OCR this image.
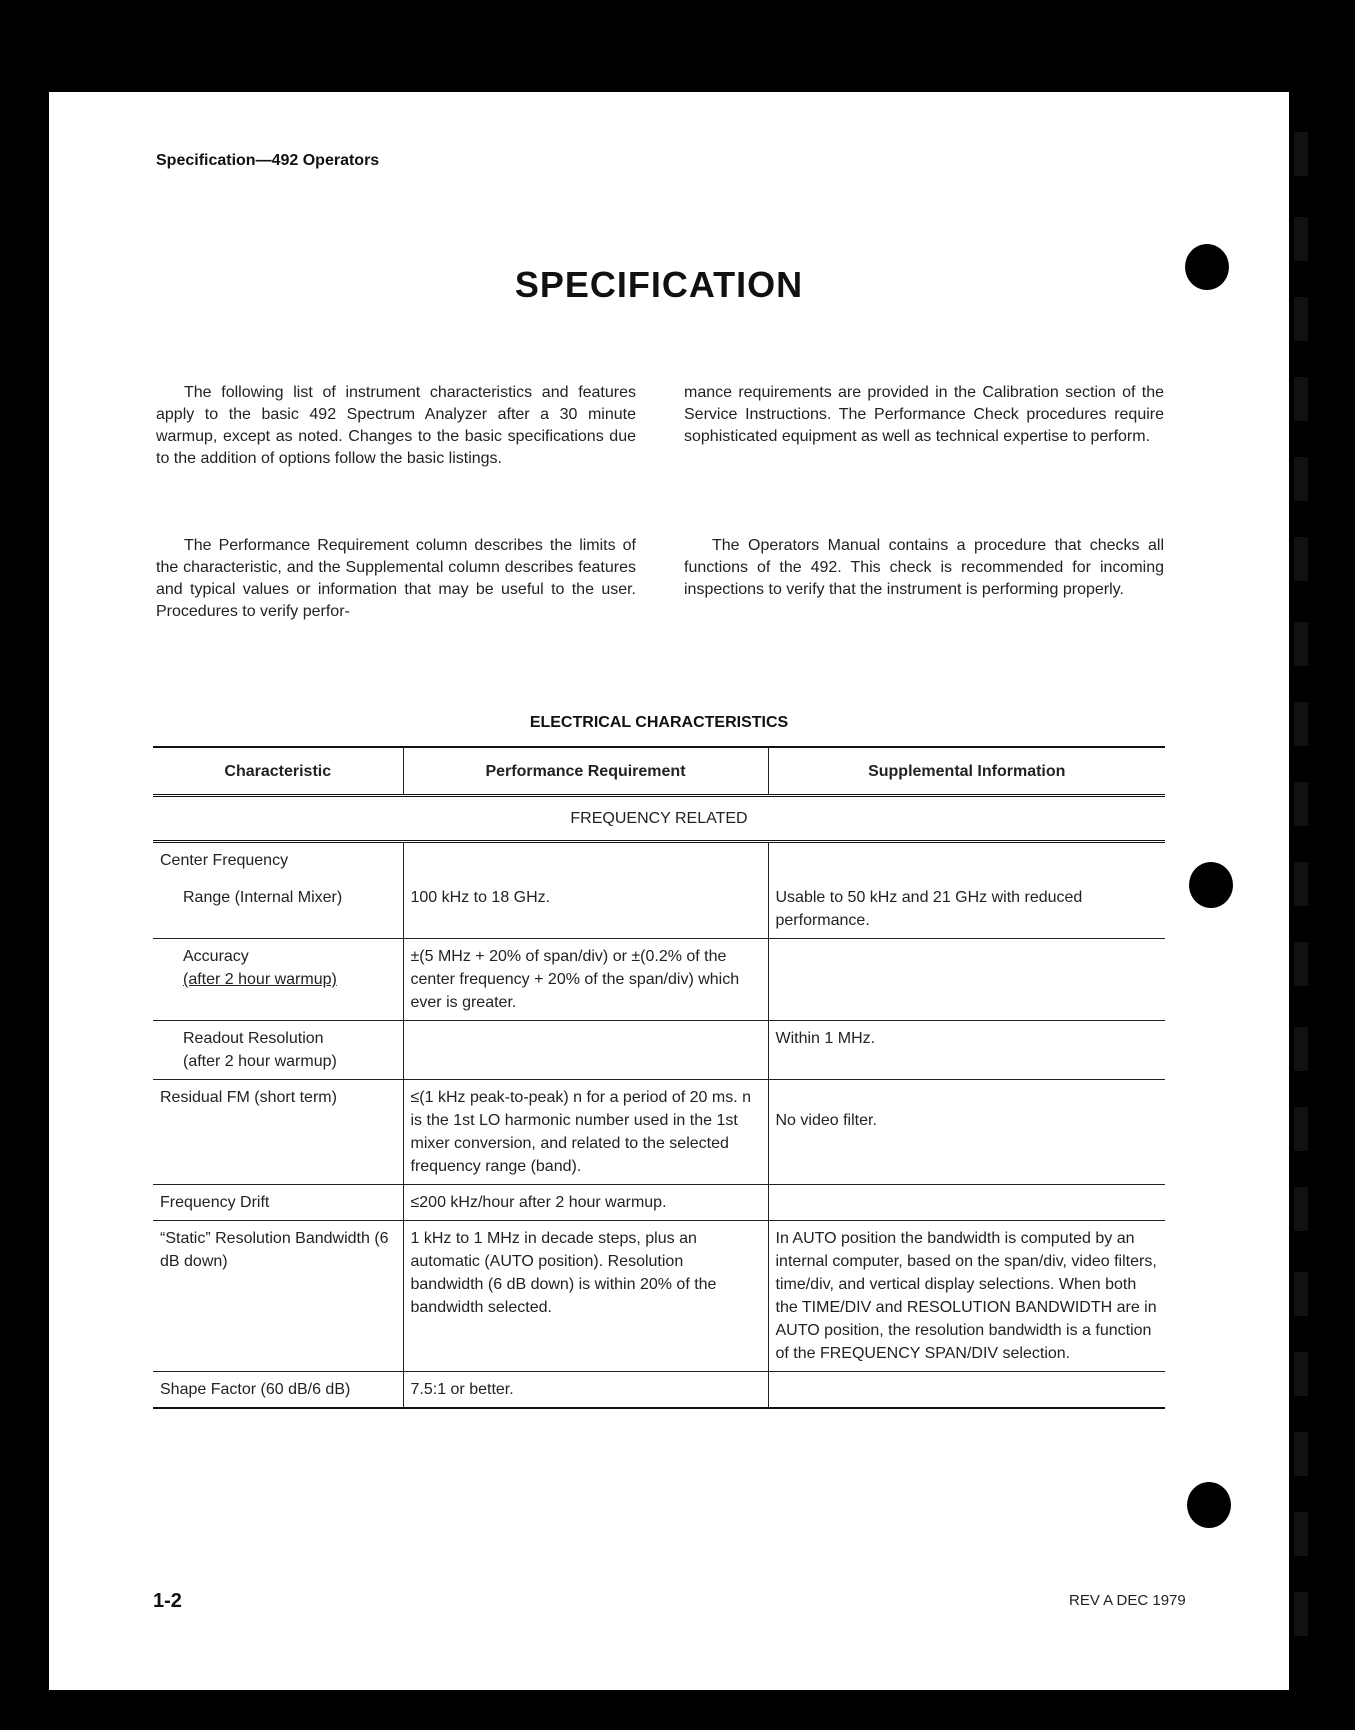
Specification—492 Operators
SPECIFICATION

The following list of instrument characteristics and features apply to the basic 492 Spectrum Analyzer after a 30 minute warmup, except as noted. Changes to the basic specifications due to the addition of options follow the basic listings.

The Performance Requirement column describes the limits of the characteristic, and the Supplemental column describes features and typical values or information that may be useful to the user. Procedures to verify perfor-

mance requirements are provided in the Calibration section of the Service Instructions. The Performance Check procedures require sophisticated equipment as well as technical expertise to perform.

The Operators Manual contains a procedure that checks all functions of the 492. This check is recommended for incoming inspections to verify that the instrument is performing properly.

ELECTRICAL CHARACTERISTICS
Characteristic	Performance Requirement	Supplemental Information
FREQUENCY RELATED		
Center Frequency		
Range (Internal Mixer)	100 kHz to 18 GHz.	Usable to 50 kHz and 21 GHz with reduced performance.

Accuracy
(after 2 hour warmup)	±(5 MHz + 20% of span/div) or ±(0.2% of the center frequency + 20% of the span/div) which ever is greater.	

Readout Resolution
(after 2 hour warmup)		Within 1 MHz.
Residual FM (short term)	≤(1 kHz peak-to-peak) n for a period of 20 ms. n is the 1st LO harmonic number used in the 1st mixer conversion, and related to the selected frequency range (band).	No video filter.
Frequency Drift	≤200 kHz/hour after 2 hour warmup.	
“Static” Resolution Bandwidth (6 dB down)	1 kHz to 1 MHz in decade steps, plus an automatic (AUTO position). Resolution bandwidth (6 dB down) is within 20% of the bandwidth selected.	In AUTO position the bandwidth is computed by an internal computer, based on the span/div, video filters, time/div, and vertical display selections. When both the TIME/DIV and RESOLUTION BANDWIDTH are in AUTO position, the resolution bandwidth is a function of the FREQUENCY SPAN/DIV selection.
Shape Factor (60 dB/6 dB)	7.5:1 or better.	
1-2	REV A DEC 1979
